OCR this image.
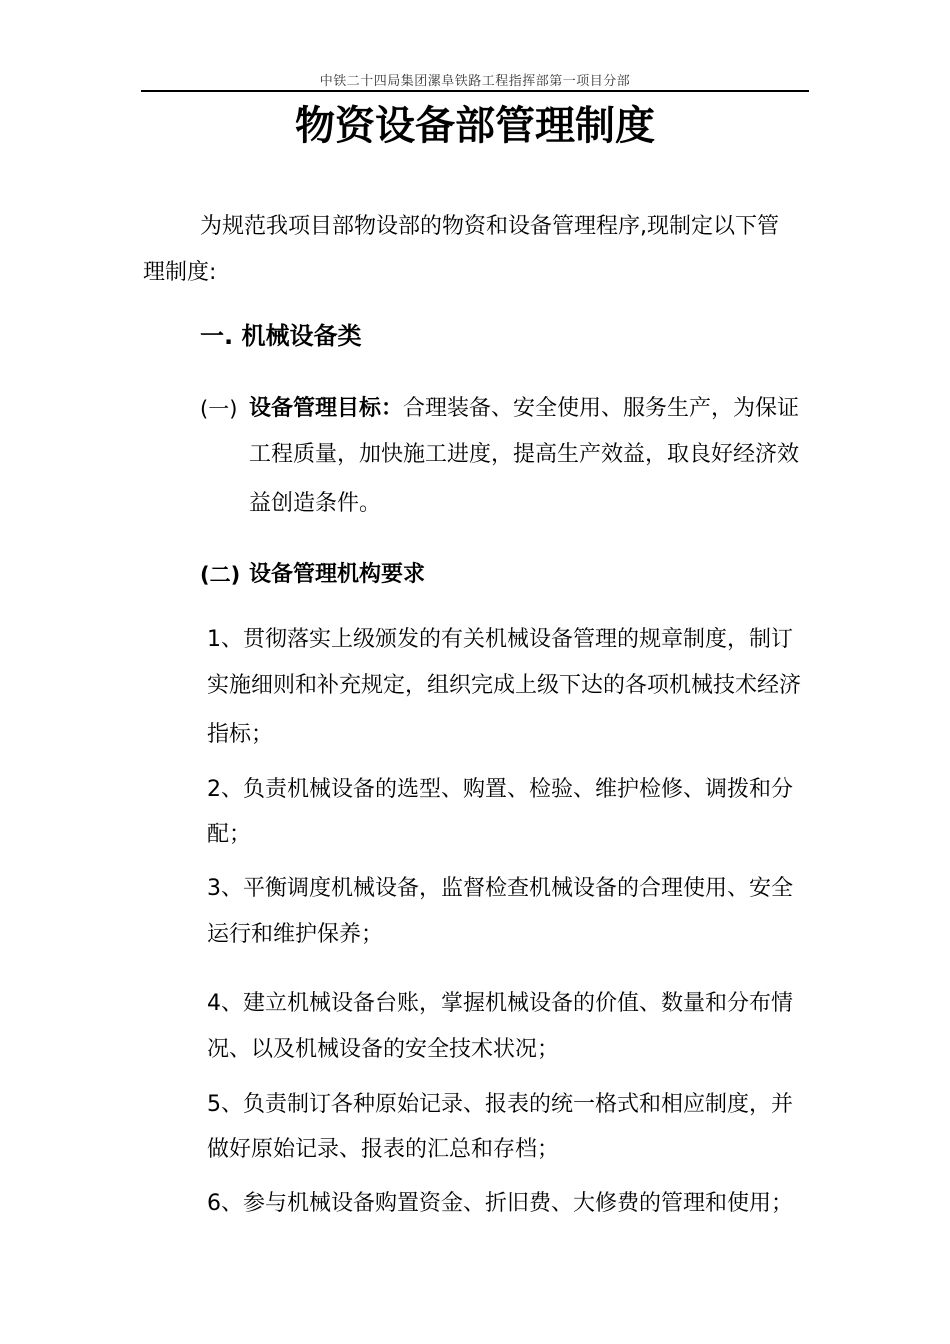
中铁二十四局集团漯阜铁路工程指挥部第一项目分部
物资设备部管理制度
为规范我项目部物设部的物资和设备管理程序,现制定以下管
理制度:
一. 机械设备类
(一) 设备管理目标：合理装备、安全使用、服务生产，为保证
工程质量，加快施工进度，提高生产效益，取良好经济效
益创造条件。
(二) 设备管理机构要求
1、贯彻落实上级颁发的有关机械设备管理的规章制度，制订
实施细则和补充规定，组织完成上级下达的各项机械技术经济
指标；
2、负责机械设备的选型、购置、检验、维护检修、调拨和分
配；
3、平衡调度机械设备，监督检查机械设备的合理使用、安全
运行和维护保养；
4、建立机械设备台账，掌握机械设备的价值、数量和分布情
况、以及机械设备的安全技术状况；
5、负责制订各种原始记录、报表的统一格式和相应制度，并
做好原始记录、报表的汇总和存档；
6、参与机械设备购置资金、折旧费、大修费的管理和使用；
